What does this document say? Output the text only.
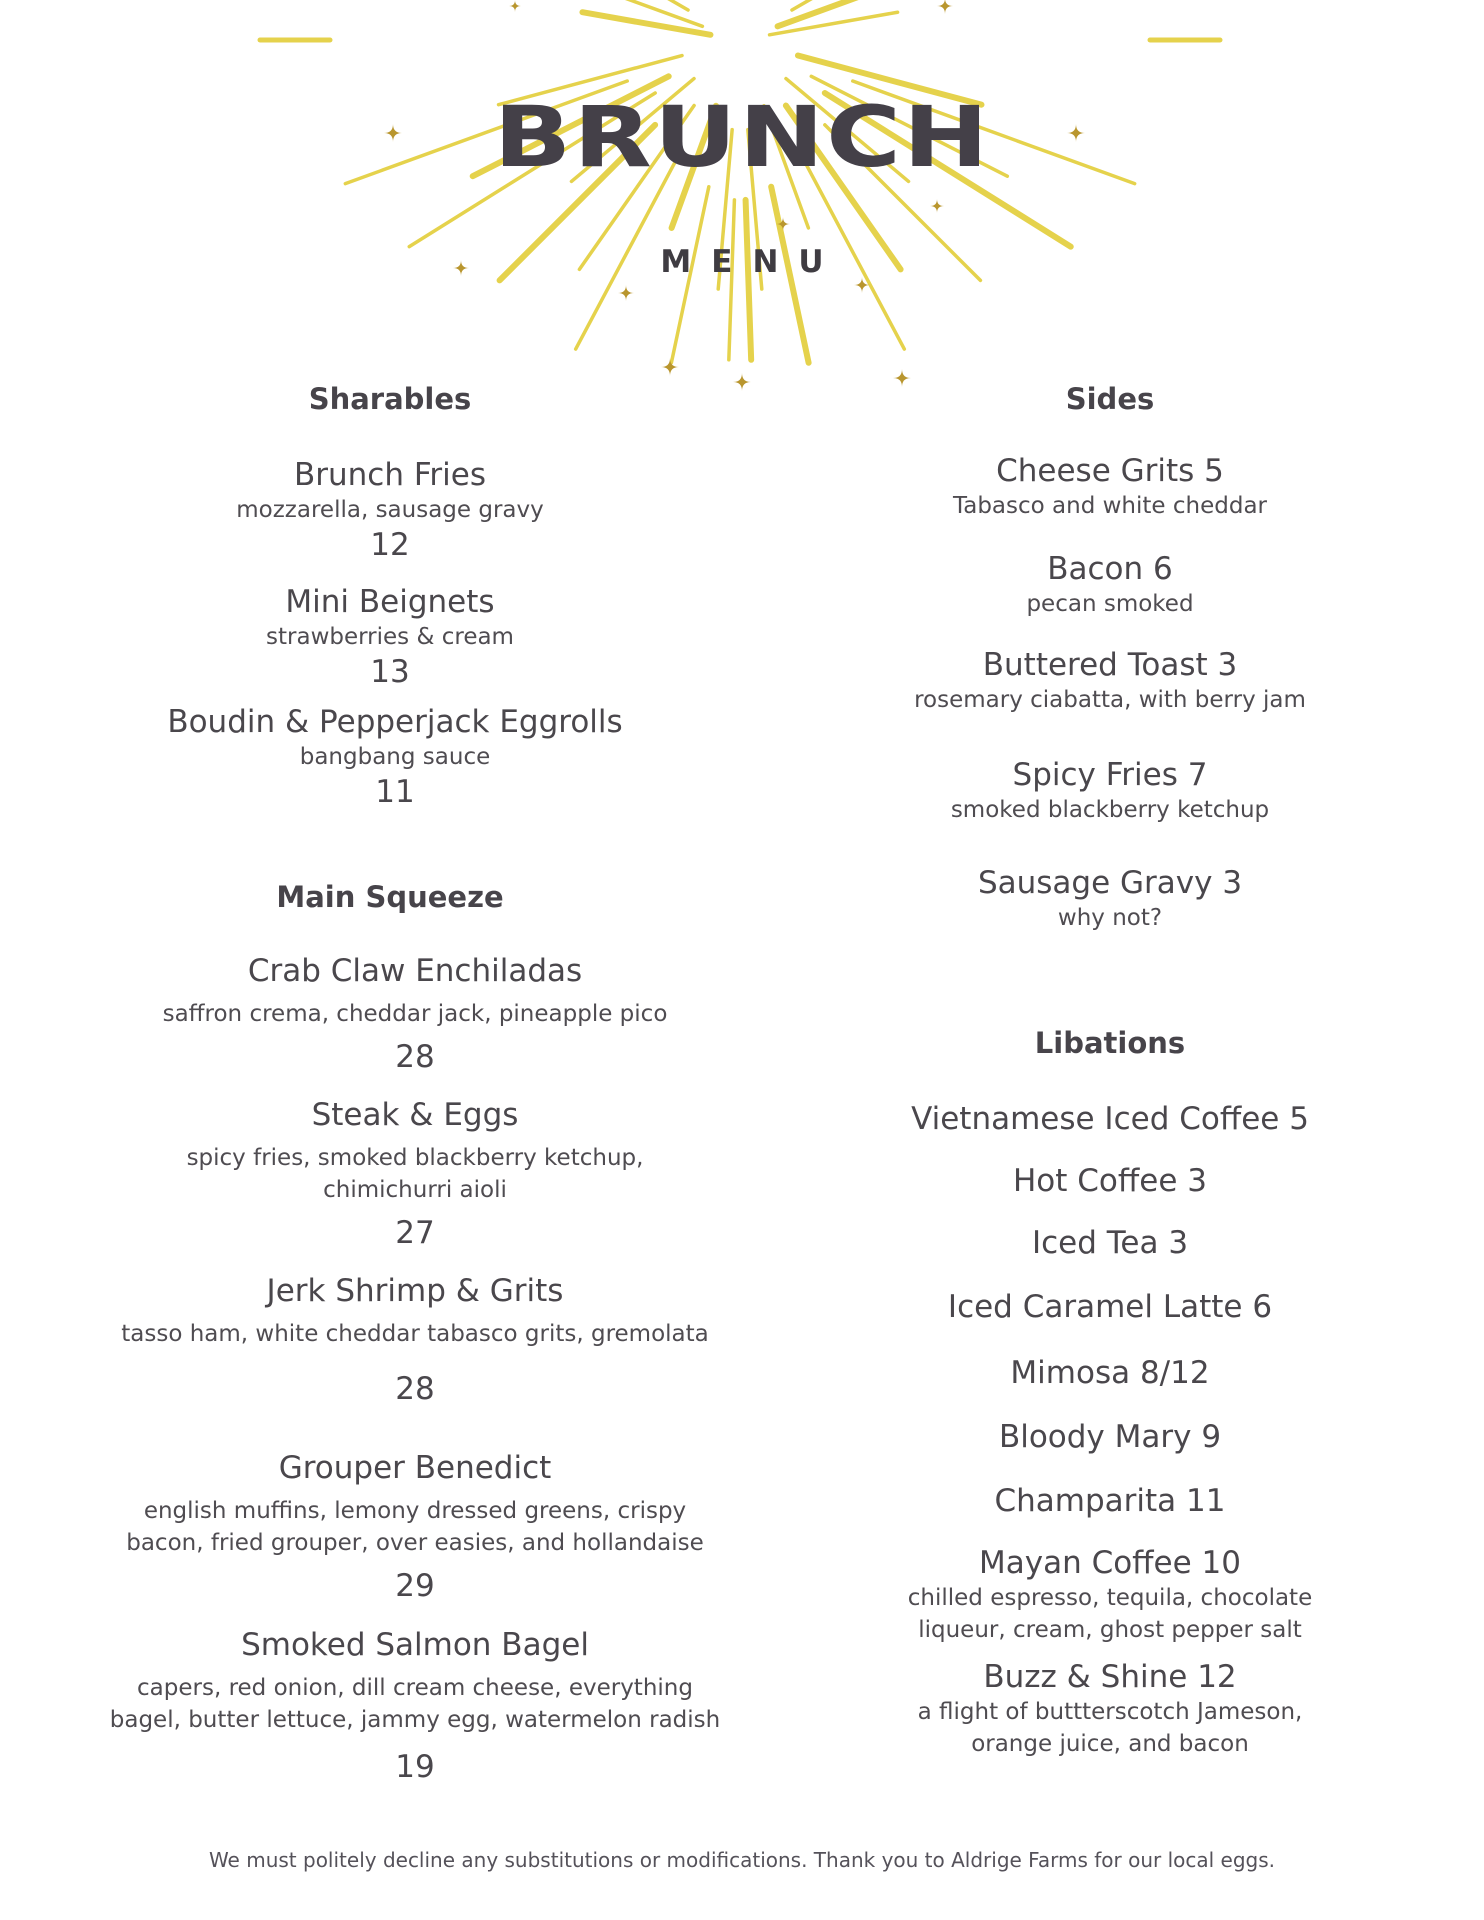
BRUNCH
MENU
Sharables
Brunch Fries
mozzarella, sausage gravy
12
Mini Beignets
strawberries & cream
13
Boudin & Pepperjack Eggrolls
bangbang sauce
11
Main Squeeze
Crab Claw Enchiladas
saffron crema, cheddar jack, pineapple pico
28
Steak & Eggs
spicy fries, smoked blackberry ketchup,
chimichurri aioli
27
Jerk Shrimp & Grits
tasso ham, white cheddar tabasco grits, gremolata
28
Grouper Benedict
english muffins, lemony dressed greens, crispy
bacon, fried grouper, over easies, and hollandaise
29
Smoked Salmon Bagel
capers, red onion, dill cream cheese, everything
bagel, butter lettuce, jammy egg, watermelon radish
19
Sides
Cheese Grits 5
Tabasco and white cheddar
Bacon 6
pecan smoked
Buttered Toast 3
rosemary ciabatta, with berry jam
Spicy Fries 7
smoked blackberry ketchup
Sausage Gravy 3
why not?
Libations
Vietnamese Iced Coffee 5
Hot Coffee 3
Iced Tea 3
Iced Caramel Latte 6
Mimosa 8/12
Bloody Mary 9
Champarita 11
Mayan Coffee 10
chilled espresso, tequila, chocolate
liqueur, cream, ghost pepper salt
Buzz & Shine 12
a flight of buttterscotch Jameson,
orange juice, and bacon
We must politely decline any substitutions or modifications. Thank you to Aldrige Farms for our local eggs.
